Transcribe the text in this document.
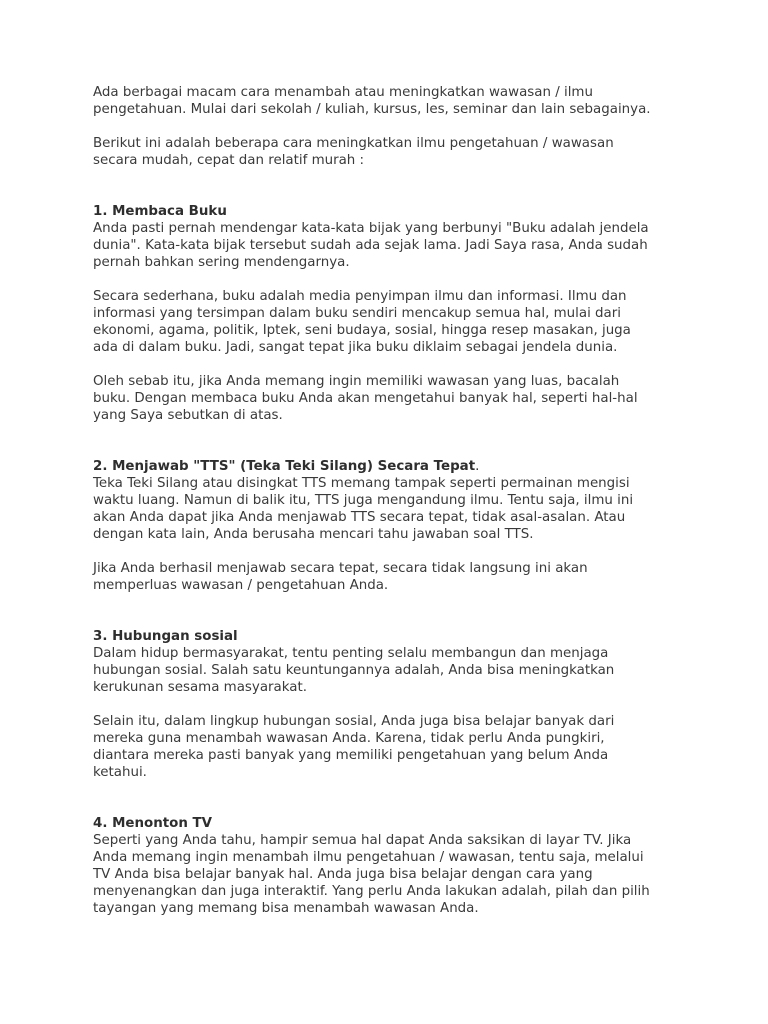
Ada berbagai macam cara menambah atau meningkatkan wawasan / ilmu
pengetahuan. Mulai dari sekolah / kuliah, kursus, les, seminar dan lain sebagainya.
Berikut ini adalah beberapa cara meningkatkan ilmu pengetahuan / wawasan
secara mudah, cepat dan relatif murah :
1. Membaca Buku
Anda pasti pernah mendengar kata-kata bijak yang berbunyi "Buku adalah jendela
dunia". Kata-kata bijak tersebut sudah ada sejak lama. Jadi Saya rasa, Anda sudah
pernah bahkan sering mendengarnya.
Secara sederhana, buku adalah media penyimpan ilmu dan informasi. Ilmu dan
informasi yang tersimpan dalam buku sendiri mencakup semua hal, mulai dari
ekonomi, agama, politik, Iptek, seni budaya, sosial, hingga resep masakan, juga
ada di dalam buku. Jadi, sangat tepat jika buku diklaim sebagai jendela dunia.
Oleh sebab itu, jika Anda memang ingin memiliki wawasan yang luas, bacalah
buku. Dengan membaca buku Anda akan mengetahui banyak hal, seperti hal-hal
yang Saya sebutkan di atas.
2. Menjawab "TTS" (Teka Teki Silang) Secara Tepat.
Teka Teki Silang atau disingkat TTS memang tampak seperti permainan mengisi
waktu luang. Namun di balik itu, TTS juga mengandung ilmu. Tentu saja, ilmu ini
akan Anda dapat jika Anda menjawab TTS secara tepat, tidak asal-asalan. Atau
dengan kata lain, Anda berusaha mencari tahu jawaban soal TTS.
Jika Anda berhasil menjawab secara tepat, secara tidak langsung ini akan
memperluas wawasan / pengetahuan Anda.
3. Hubungan sosial
Dalam hidup bermasyarakat, tentu penting selalu membangun dan menjaga
hubungan sosial. Salah satu keuntungannya adalah, Anda bisa meningkatkan
kerukunan sesama masyarakat.
Selain itu, dalam lingkup hubungan sosial, Anda juga bisa belajar banyak dari
mereka guna menambah wawasan Anda. Karena, tidak perlu Anda pungkiri,
diantara mereka pasti banyak yang memiliki pengetahuan yang belum Anda
ketahui.
4. Menonton TV
Seperti yang Anda tahu, hampir semua hal dapat Anda saksikan di layar TV. Jika
Anda memang ingin menambah ilmu pengetahuan / wawasan, tentu saja, melalui
TV Anda bisa belajar banyak hal. Anda juga bisa belajar dengan cara yang
menyenangkan dan juga interaktif. Yang perlu Anda lakukan adalah, pilah dan pilih
tayangan yang memang bisa menambah wawasan Anda.
